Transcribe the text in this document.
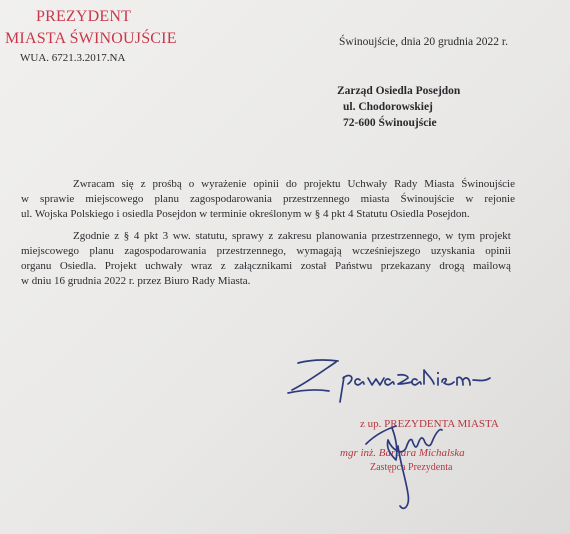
PREZYDENT
MIASTA ŚWINOUJŚCIE
WUA. 6721.3.2017.NA
Świnoujście, dnia 20 grudnia 2022 r.
Zarząd Osiedla Posejdon
ul. Chodorowskiej
72-600 Świnoujście
Zwracam się z prośbą o wyrażenie opinii do projektu Uchwały Rady Miasta Świnoujście
w sprawie miejscowego planu zagospodarowania przestrzennego miasta Świnoujście w rejonie
ul. Wojska Polskiego i osiedla Posejdon w terminie określonym w § 4 pkt 4 Statutu Osiedla Posejdon.
Zgodnie z § 4 pkt 3 ww. statutu, sprawy z zakresu planowania przestrzennego, w tym projekt
miejscowego planu zagospodarowania przestrzennego, wymagają wcześniejszego uzyskania opinii
organu Osiedla. Projekt uchwały wraz z załącznikami został Państwu przekazany drogą mailową
w dniu 16 grudnia 2022 r. przez Biuro Rady Miasta.
z up. PREZYDENTA MIASTA
mgr inż. Barbara Michalska
Zastępca Prezydenta
